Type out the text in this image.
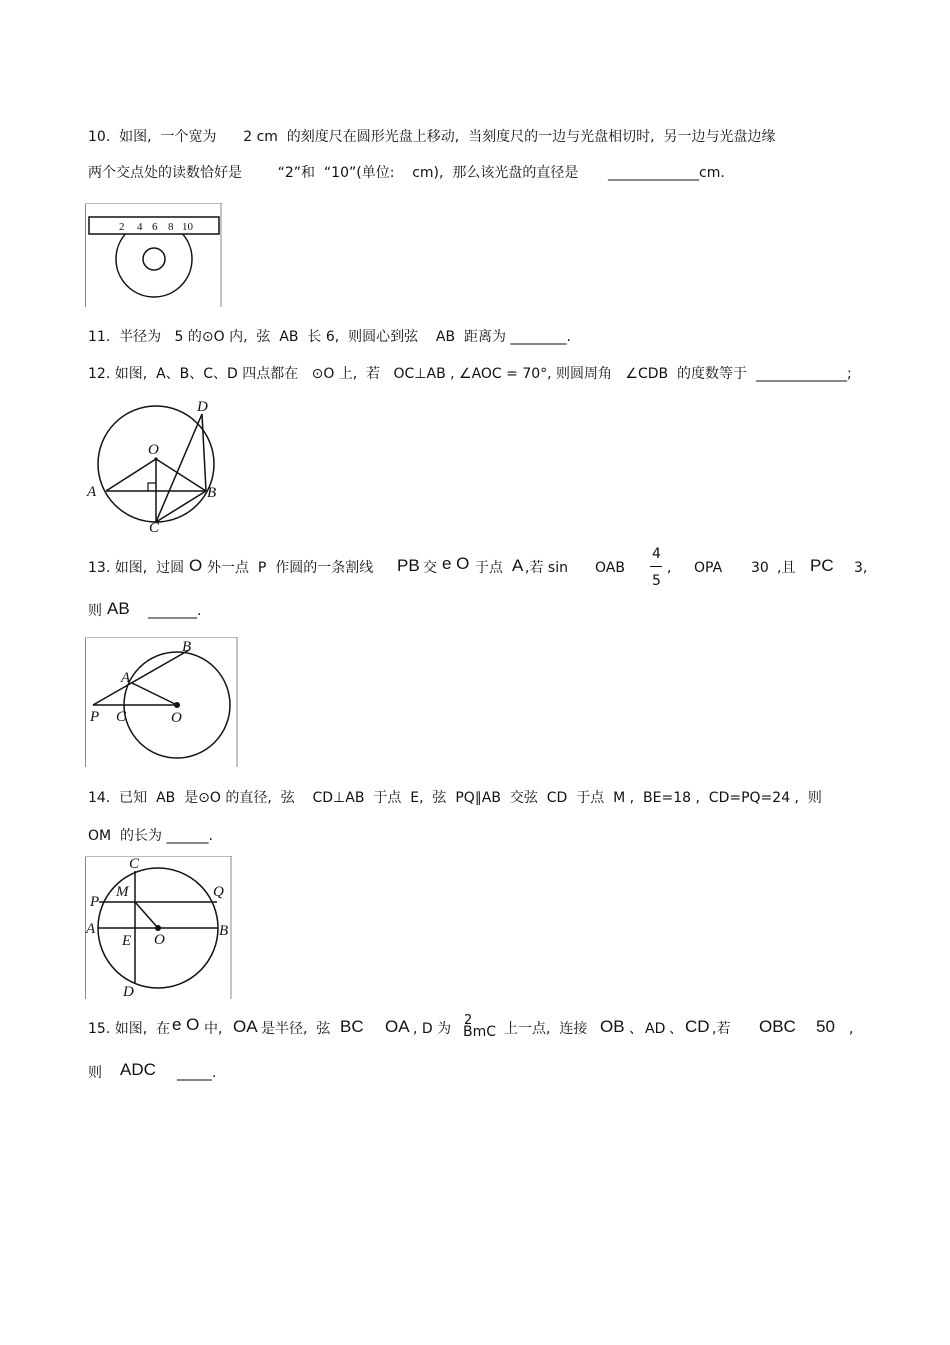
10.  如图,  一个宽为      2 cm  的刻度尺在圆形光盘上移动,  当刻度尺的一边与光盘相切时,  另一边与光盘边缘
两个交点处的读数恰好是        “2”和  “10”(单位:    cm),  那么该光盘的直径是 _____________cm.
2 4 6 8 10
11.  半径为   5 的⊙O 内,  弦  AB  长 6,  则圆心到弦    AB  距离为 ________.
12. 如图,  A、B、C、D 四点都在   ⊙O 上,  若   OC⊥AB , ∠AOC = 70°, 则圆周角   ∠CDB  的度数等于 _____________;
A	B
C
D
O
13. 如图,  过圆 O 外一点  P  作圆的一条割线 PB 交 e O 于点 A ,若 sin OAB
4
5
, OPA 30 ,且 PC 3,
则 AB _______.
A
B
C
P	O
14.  已知  AB  是⊙O 的直径,  弦    CD⊥AB  于点  E,  弦  PQ∥AB  交弦  CD  于点  M ,  BE=18 ,  CD=PQ=24 ,  则
OM  的长为 ______.
C
P
M	Q
A
E O
B
D
15. 如图,  在 e O 中, OA 是半径,  弦 BC OA , D 为
2
BmC 上一点,  连接 OB 、 AD 、 CD ,若 OBC 50 ,
则 ADC _____.
